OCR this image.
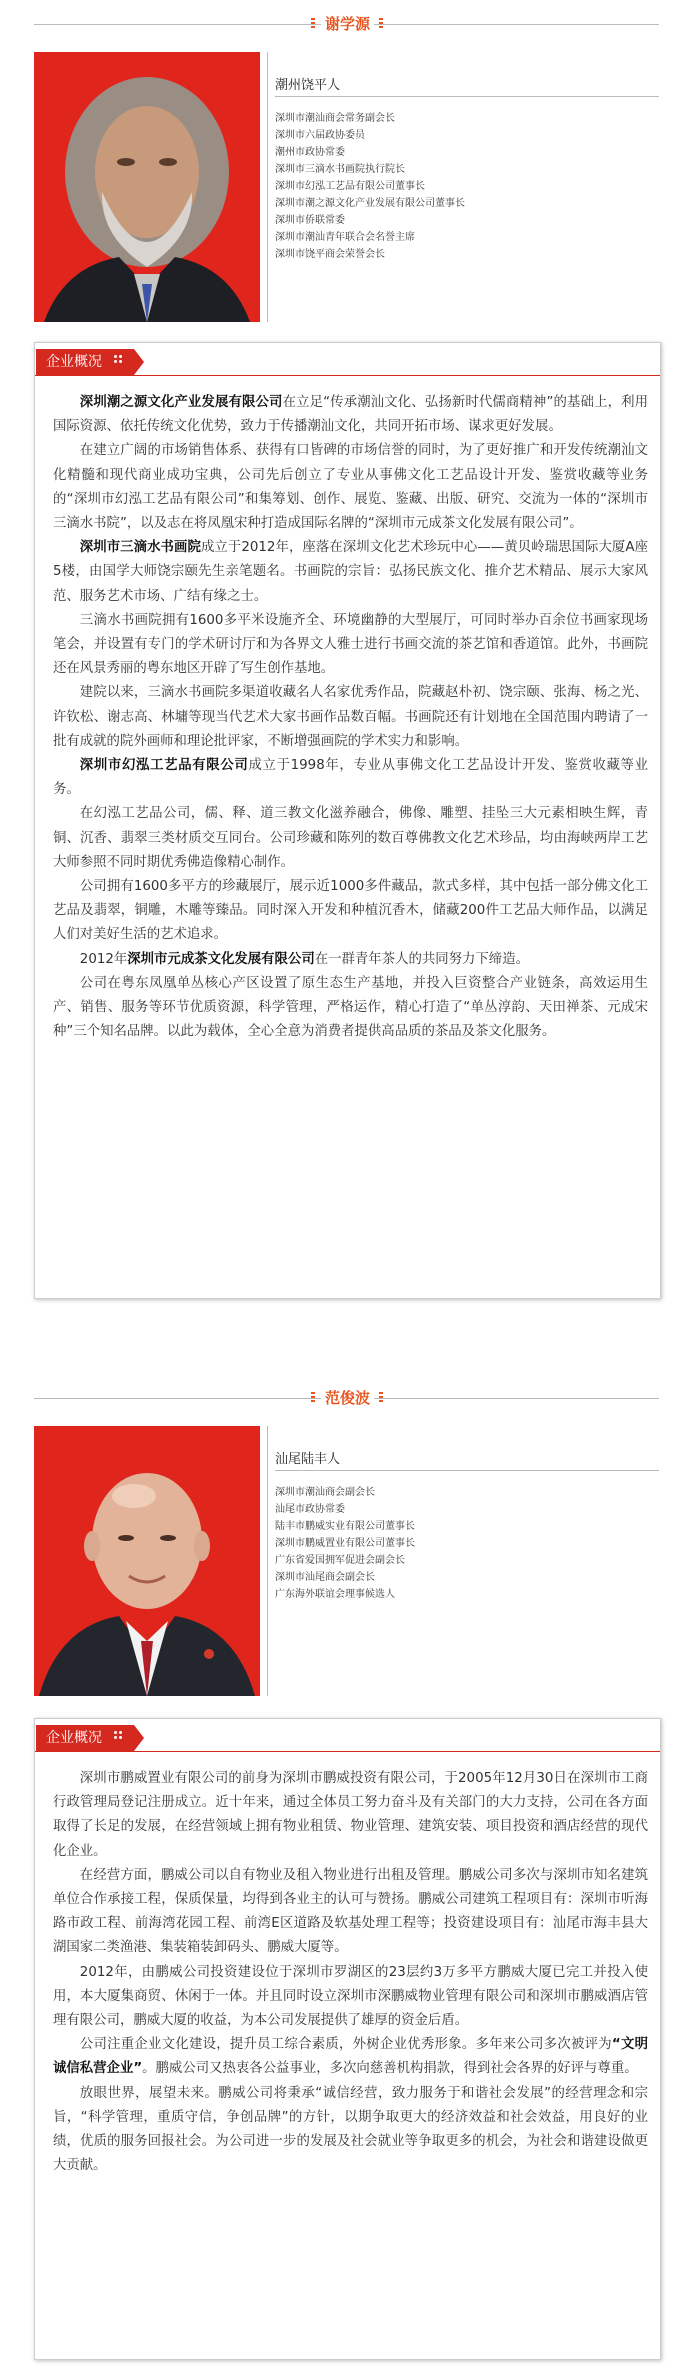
谢学源
潮州饶平人
深圳市潮汕商会常务副会长
深圳市六届政协委员
潮州市政协常委
深圳市三滴水书画院执行院长
深圳市幻泓工艺品有限公司董事长
深圳市潮之源文化产业发展有限公司董事长
深圳市侨联常委
深圳市潮汕青年联合会名誉主席
深圳市饶平商会荣誉会长
企业概况

深圳潮之源文化产业发展有限公司在立足“传承潮汕文化、弘扬新时代儒商精神”的基础上，利用国际资源、依托传统文化优势，致力于传播潮汕文化，共同开拓市场、谋求更好发展。

在建立广阔的市场销售体系、获得有口皆碑的市场信誉的同时，为了更好推广和开发传统潮汕文化精髓和现代商业成功宝典，公司先后创立了专业从事佛文化工艺品设计开发、鉴赏收藏等业务的“深圳市幻泓工艺品有限公司”和集筹划、创作、展览、鉴藏、出版、研究、交流为一体的“深圳市三滴水书院”，以及志在将凤凰宋种打造成国际名牌的“深圳市元成茶文化发展有限公司”。

深圳市三滴水书画院成立于2012年，座落在深圳文化艺术珍玩中心——黄贝岭瑞思国际大厦A座5楼，由国学大师饶宗颐先生亲笔题名。书画院的宗旨：弘扬民族文化、推介艺术精品、展示大家风范、服务艺术市场、广结有缘之士。

三滴水书画院拥有1600多平米设施齐全、环境幽静的大型展厅，可同时举办百余位书画家现场笔会，并设置有专门的学术研讨厅和为各界文人雅士进行书画交流的茶艺馆和香道馆。此外，书画院还在风景秀丽的粤东地区开辟了写生创作基地。

建院以来，三滴水书画院多渠道收藏名人名家优秀作品，院藏赵朴初、饶宗颐、张海、杨之光、许钦松、谢志高、林墉等现当代艺术大家书画作品数百幅。书画院还有计划地在全国范围内聘请了一批有成就的院外画师和理论批评家，不断增强画院的学术实力和影响。

深圳市幻泓工艺品有限公司成立于1998年，专业从事佛文化工艺品设计开发、鉴赏收藏等业务。

在幻泓工艺品公司，儒、释、道三教文化滋养融合，佛像、雕塑、挂坠三大元素相映生辉，青铜、沉香、翡翠三类材质交互同台。公司珍藏和陈列的数百尊佛教文化艺术珍品，均由海峡两岸工艺大师参照不同时期优秀佛造像精心制作。

公司拥有1600多平方的珍藏展厅，展示近1000多件藏品，款式多样，其中包括一部分佛文化工艺品及翡翠，铜雕，木雕等臻品。同时深入开发和种植沉香木，储藏200件工艺品大师作品，以满足人们对美好生活的艺术追求。

2012年深圳市元成茶文化发展有限公司在一群青年茶人的共同努力下缔造。

公司在粤东凤凰单丛核心产区设置了原生态生产基地，并投入巨资整合产业链条，高效运用生产、销售、服务等环节优质资源，科学管理，严格运作，精心打造了“单丛淳韵、天田禅茶、元成宋种”三个知名品牌。以此为载体，全心全意为消费者提供高品质的茶品及茶文化服务。

范俊波
汕尾陆丰人
深圳市潮汕商会副会长
汕尾市政协常委
陆丰市鹏威实业有限公司董事长
深圳市鹏威置业有限公司董事长
广东省爱国拥军促进会副会长
深圳市汕尾商会副会长
广东海外联谊会理事候选人
企业概况

深圳市鹏威置业有限公司的前身为深圳市鹏威投资有限公司，于2005年12月30日在深圳市工商行政管理局登记注册成立。近十年来，通过全体员工努力奋斗及有关部门的大力支持，公司在各方面取得了长足的发展，在经营领域上拥有物业租赁、物业管理、建筑安装、项目投资和酒店经营的现代化企业。

在经营方面，鹏威公司以自有物业及租入物业进行出租及管理。鹏威公司多次与深圳市知名建筑单位合作承接工程，保质保量，均得到各业主的认可与赞扬。鹏威公司建筑工程项目有：深圳市听海路市政工程、前海湾花园工程、前湾E区道路及软基处理工程等；投资建设项目有：汕尾市海丰县大湖国家二类渔港、集装箱装卸码头、鹏威大厦等。

2012年，由鹏威公司投资建设位于深圳市罗湖区的23层约3万多平方鹏威大厦已完工并投入使用，本大厦集商贸、休闲于一体。并且同时设立深圳市深鹏威物业管理有限公司和深圳市鹏威酒店管理有限公司，鹏威大厦的收益，为本公司发展提供了雄厚的资金后盾。

公司注重企业文化建设，提升员工综合素质，外树企业优秀形象。多年来公司多次被评为“文明诚信私营企业”。鹏威公司又热衷各公益事业，多次向慈善机构捐款，得到社会各界的好评与尊重。

放眼世界，展望未来。鹏威公司将秉承“诚信经营，致力服务于和谐社会发展”的经营理念和宗旨，“科学管理，重质守信，争创品牌”的方针，以期争取更大的经济效益和社会效益，用良好的业绩，优质的服务回报社会。为公司进一步的发展及社会就业等争取更多的机会，为社会和谐建设做更大贡献。
